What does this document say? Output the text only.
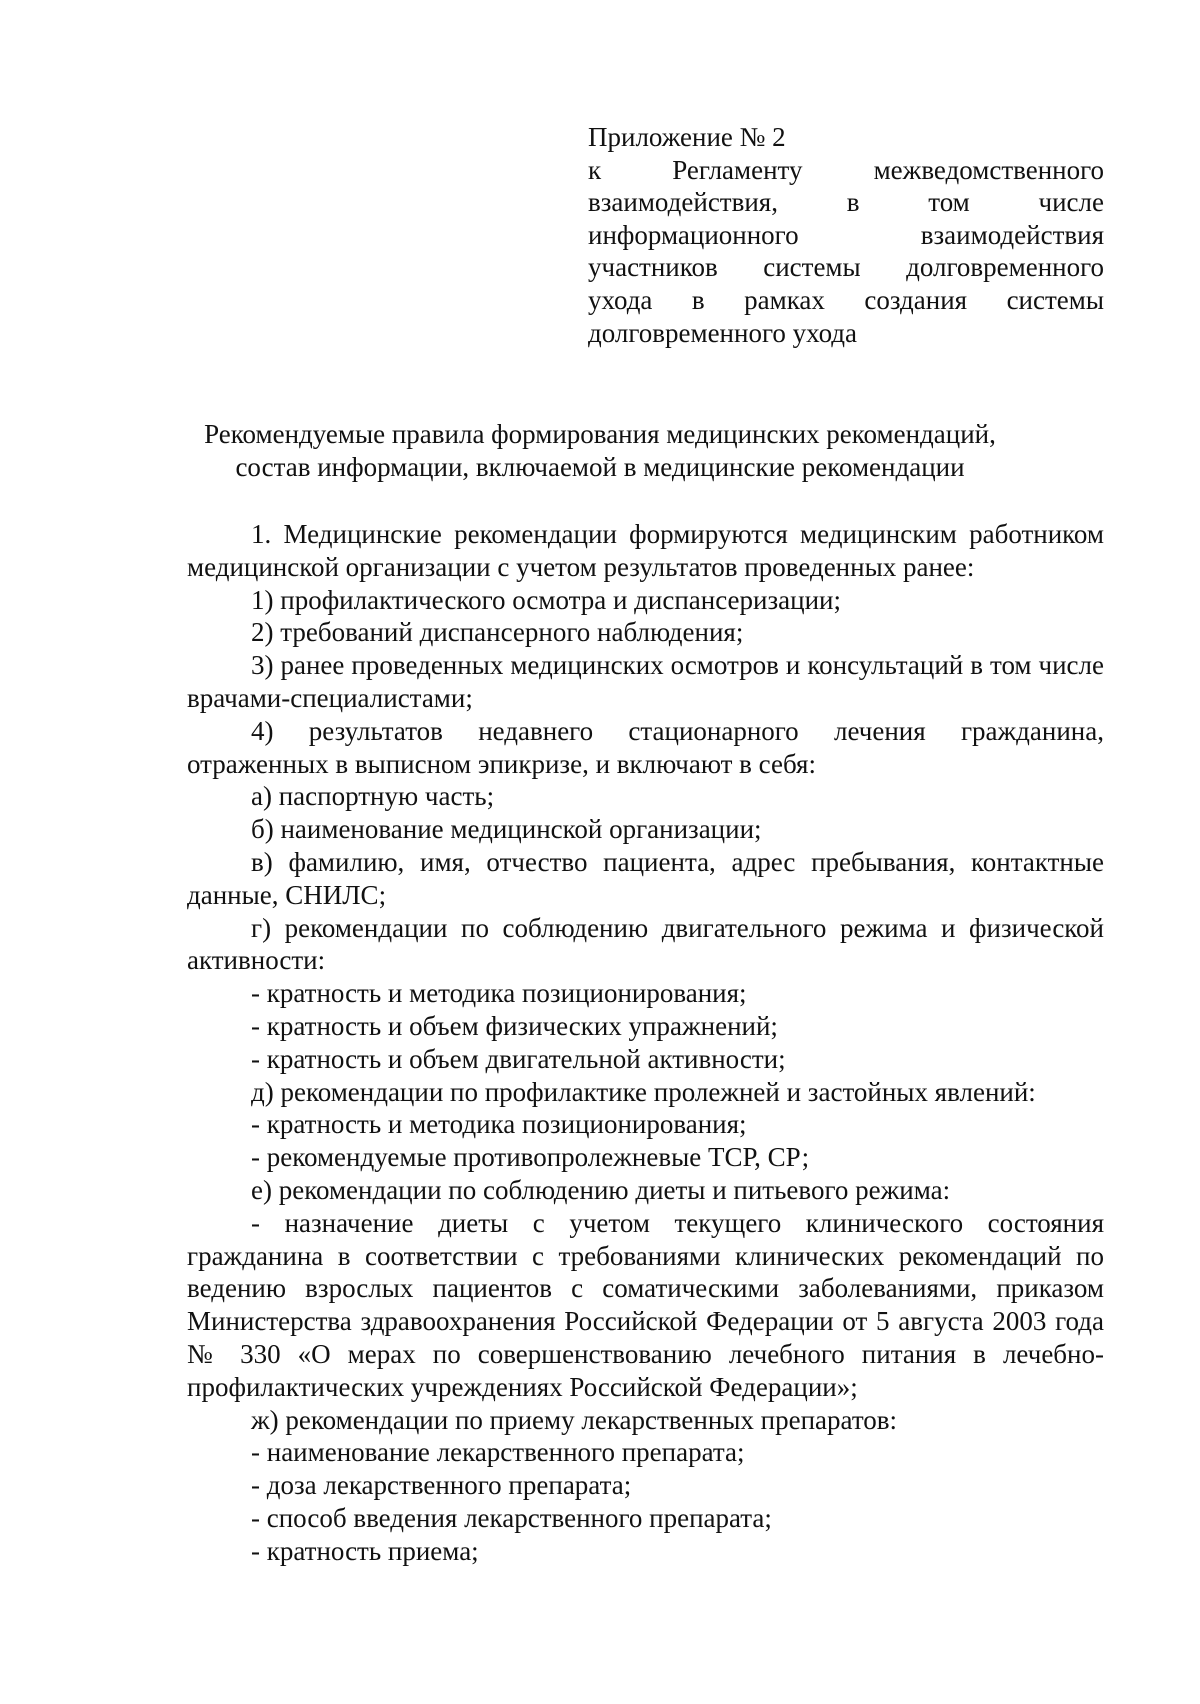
Приложение № 2
к Регламенту межведомственного
взаимодействия, в том числе
информационного взаимодействия
участников системы долговременного
ухода в рамках создания системы
долговременного ухода
Рекомендуемые правила формирования медицинских рекомендаций,
состав информации, включаемой в медицинские рекомендации

1. Медицинские рекомендации формируются медицинским работником медицинской организации с учетом результатов проведенных ранее:

1) профилактического осмотра и диспансеризации;

2) требований диспансерного наблюдения;

3) ранее проведенных медицинских осмотров и консультаций в том числе врачами-специалистами;

4) результатов недавнего стационарного лечения гражданина, отраженных в выписном эпикризе, и включают в себя:

а) паспортную часть;

б) наименование медицинской организации;

в) фамилию, имя, отчество пациента, адрес пребывания, контактные данные, СНИЛС;

г) рекомендации по соблюдению двигательного режима и физической активности:

- кратность и методика позиционирования;

- кратность и объем физических упражнений;

- кратность и объем двигательной активности;

д) рекомендации по профилактике пролежней и застойных явлений:

- кратность и методика позиционирования;

- рекомендуемые противопролежневые ТСР, СР;

е) рекомендации по соблюдению диеты и питьевого режима:

- назначение диеты с учетом текущего клинического состояния гражданина в соответствии с требованиями клинических рекомендаций по ведению взрослых пациентов с соматическими заболеваниями, приказом Министерства здравоохранения Российской Федерации от 5 августа 2003 года № 330 «О мерах по совершенствованию лечебного питания в лечебно-профилактических учреждениях Российской Федерации»;

ж) рекомендации по приему лекарственных препаратов:

- наименование лекарственного препарата;

- доза лекарственного препарата;

- способ введения лекарственного препарата;

- кратность приема;
